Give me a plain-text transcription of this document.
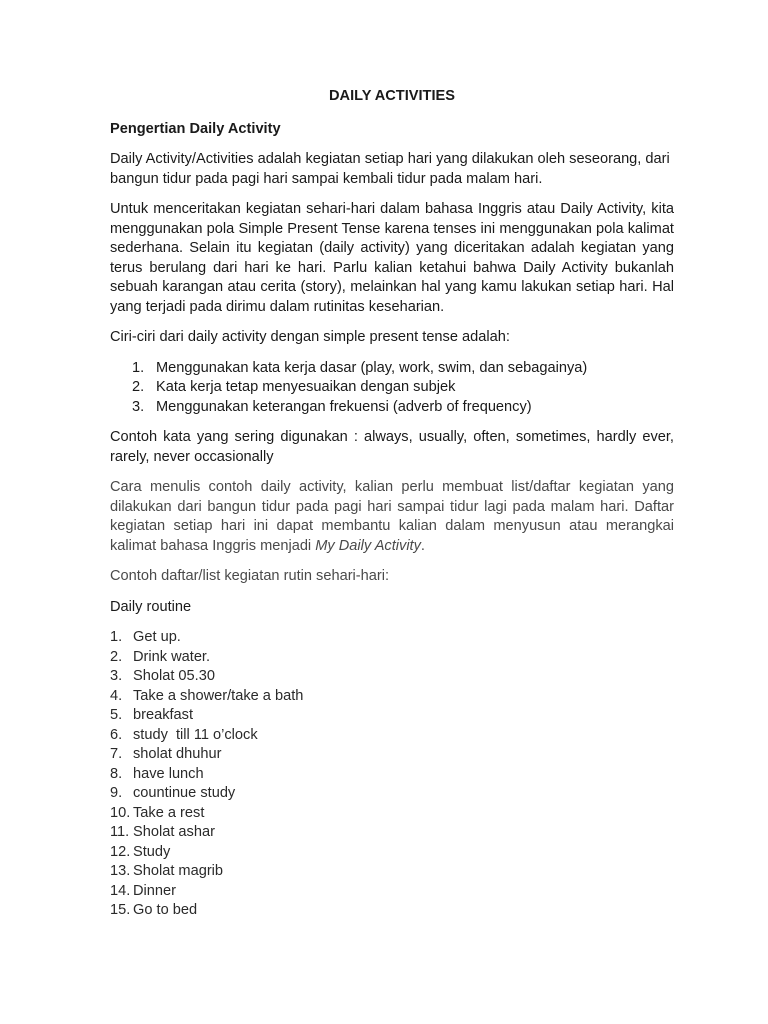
DAILY ACTIVITIES
Pengertian Daily Activity

Daily Activity/Activities adalah kegiatan setiap hari yang dilakukan oleh seseorang, dari bangun tidur pada pagi hari sampai kembali tidur pada malam hari.

Untuk menceritakan kegiatan sehari-hari dalam bahasa Inggris atau Daily Activity, kita menggunakan pola Simple Present Tense karena tenses ini menggunakan pola kalimat sederhana. Selain itu kegiatan (daily activity) yang diceritakan adalah kegiatan yang terus berulang dari hari ke hari. Parlu kalian ketahui bahwa Daily Activity bukanlah sebuah karangan atau cerita (story), melainkan hal yang kamu lakukan setiap hari. Hal yang terjadi pada dirimu dalam rutinitas keseharian.

Ciri-ciri dari daily activity dengan simple present tense adalah:

1. Menggunakan kata kerja dasar (play, work, swim, dan sebagainya)
2. Kata kerja tetap menyesuaikan dengan subjek
3. Menggunakan keterangan frekuensi (adverb of frequency)

Contoh kata yang sering digunakan : always, usually, often, sometimes, hardly ever, rarely, never occasionally

Cara menulis contoh daily activity, kalian perlu membuat list/daftar kegiatan yang dilakukan dari bangun tidur pada pagi hari sampai tidur lagi pada malam hari. Daftar kegiatan setiap hari ini dapat membantu kalian dalam menyusun atau merangkai kalimat bahasa Inggris menjadi My Daily Activity.

Contoh daftar/list kegiatan rutin sehari-hari:

Daily routine

1. Get up.
2. Drink water.
3. Sholat 05.30
4. Take a shower/take a bath
5. breakfast
6. study  till 11 o’clock
7. sholat dhuhur
8. have lunch
9. countinue study
10. Take a rest
11. Sholat ashar
12. Study
13. Sholat magrib
14. Dinner
15. Go to bed
